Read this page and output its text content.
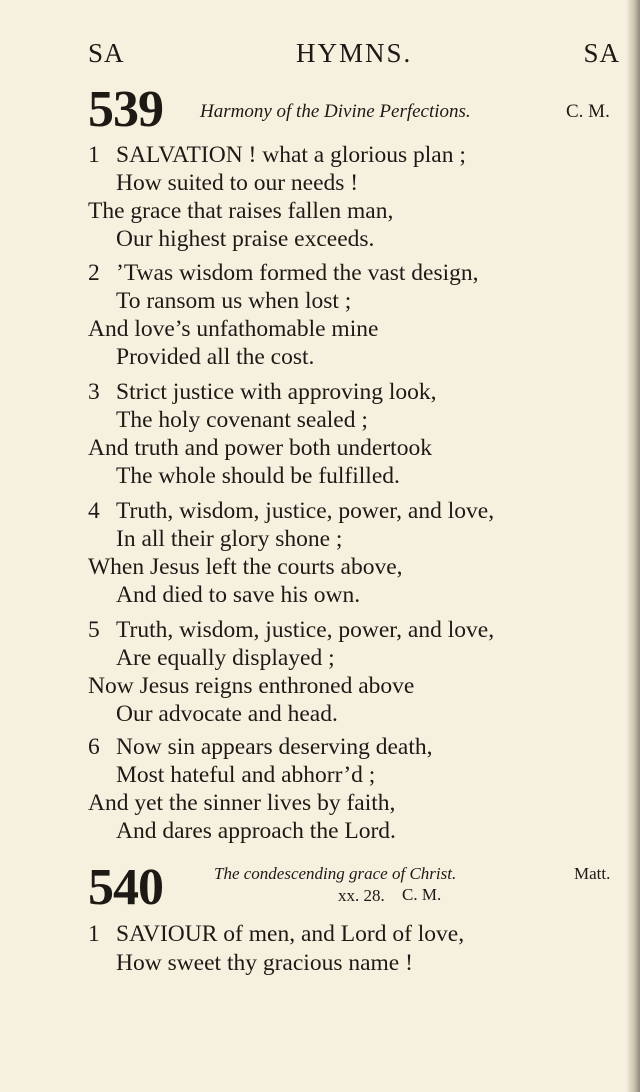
SA	HYMNS.	SA
539 Harmony of the Divine Perfections.	C. M.
1 SALVATION ! what a glorious plan ;
How suited to our needs !
The grace that raises fallen man,
Our highest praise exceeds.
2 ’Twas wisdom formed the vast design,
To ransom us when lost ;
And love’s unfathomable mine
Provided all the cost.
3 Strict justice with approving look,
The holy covenant sealed ;
And truth and power both undertook
The whole should be fulfilled.
4 Truth, wisdom, justice, power, and love,
In all their glory shone ;
When Jesus left the courts above,
And died to save his own.
5 Truth, wisdom, justice, power, and love,
Are equally displayed ;
Now Jesus reigns enthroned above
Our advocate and head.
6 Now sin appears deserving death,
Most hateful and abhorr’d ;
And yet the sinner lives by faith,
And dares approach the Lord.
540	The condescending grace of Christ.	Matt.
xx. 28. C. M.
1 SAVIOUR of men, and Lord of love,
How sweet thy gracious name !
